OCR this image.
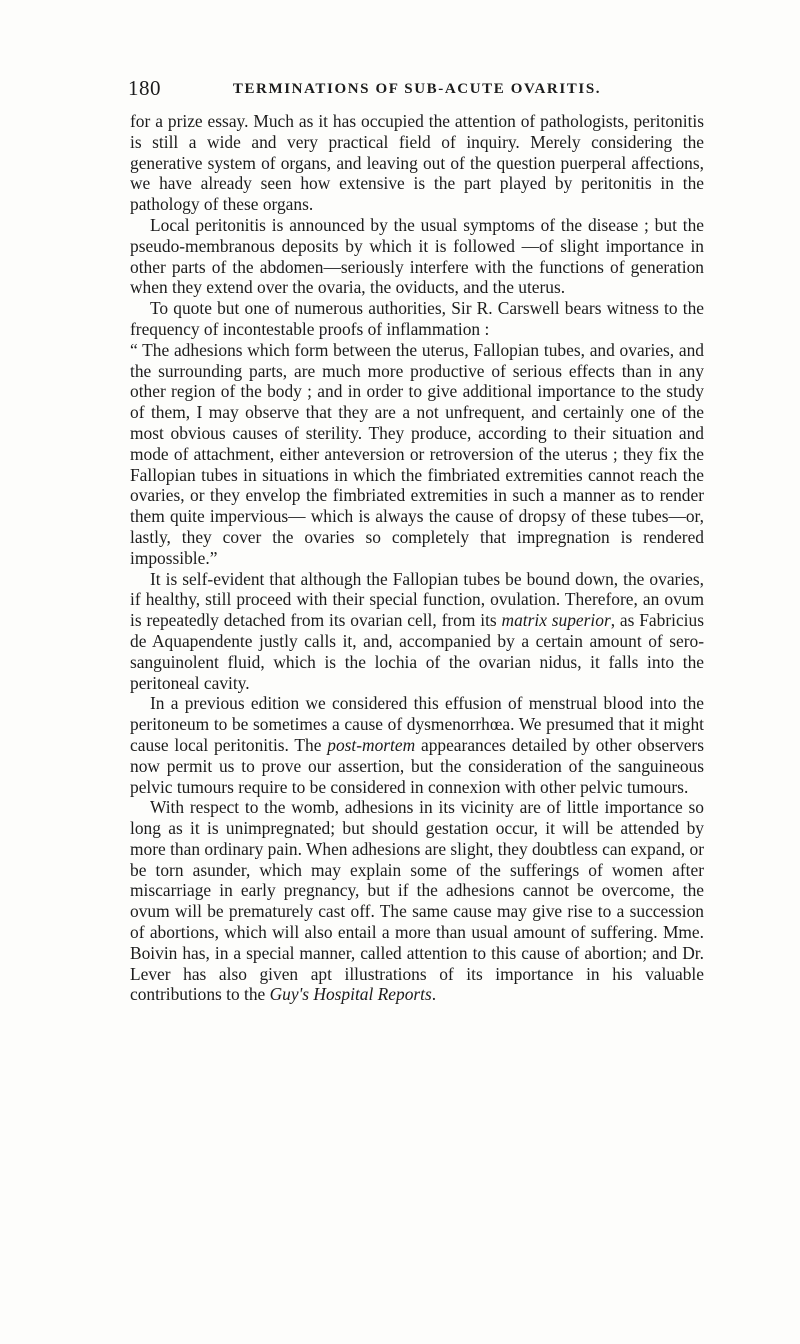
180	TERMINATIONS OF SUB-ACUTE OVARITIS.

for a prize essay. Much as it has occupied the attention of pathologists, peritonitis is still a wide and very practical field of inquiry. Merely considering the generative system of organs, and leaving out of the question puerperal affections, we have already seen how extensive is the part played by peritonitis in the pathology of these organs.

Local peritonitis is announced by the usual symptoms of the disease ; but the pseudo-membranous deposits by which it is followed —of slight importance in other parts of the abdomen—seriously interfere with the functions of generation when they extend over the ovaria, the oviducts, and the uterus.

To quote but one of numerous authorities, Sir R. Carswell bears witness to the frequency of incontestable proofs of inflammation :

“ The adhesions which form between the uterus, Fallopian tubes, and ovaries, and the surrounding parts, are much more productive of serious effects than in any other region of the body ; and in order to give additional importance to the study of them, I may observe that they are a not unfrequent, and certainly one of the most obvious causes of sterility. They produce, according to their situation and mode of attachment, either anteversion or retroversion of the uterus ; they fix the Fallopian tubes in situations in which the fimbriated extremities cannot reach the ovaries, or they envelop the fimbriated extremities in such a manner as to render them quite impervious— which is always the cause of dropsy of these tubes—or, lastly, they cover the ovaries so completely that impregnation is rendered impossible.”

It is self-evident that although the Fallopian tubes be bound down, the ovaries, if healthy, still proceed with their special function, ovulation. Therefore, an ovum is repeatedly detached from its ovarian cell, from its matrix superior, as Fabricius de Aquapendente justly calls it, and, accompanied by a certain amount of sero-sanguinolent fluid, which is the lochia of the ovarian nidus, it falls into the peritoneal cavity.

In a previous edition we considered this effusion of menstrual blood into the peritoneum to be sometimes a cause of dysmenorrhœa. We presumed that it might cause local peritonitis. The post-mortem appearances detailed by other observers now permit us to prove our assertion, but the consideration of the sanguineous pelvic tumours require to be considered in connexion with other pelvic tumours.

With respect to the womb, adhesions in its vicinity are of little importance so long as it is unimpregnated; but should gestation occur, it will be attended by more than ordinary pain. When adhesions are slight, they doubtless can expand, or be torn asunder, which may explain some of the sufferings of women after miscarriage in early pregnancy, but if the adhesions cannot be overcome, the ovum will be prematurely cast off. The same cause may give rise to a succession of abortions, which will also entail a more than usual amount of suffering. Mme. Boivin has, in a special manner, called attention to this cause of abortion; and Dr. Lever has also given apt illustrations of its importance in his valuable contributions to the Guy's Hospital Reports.
